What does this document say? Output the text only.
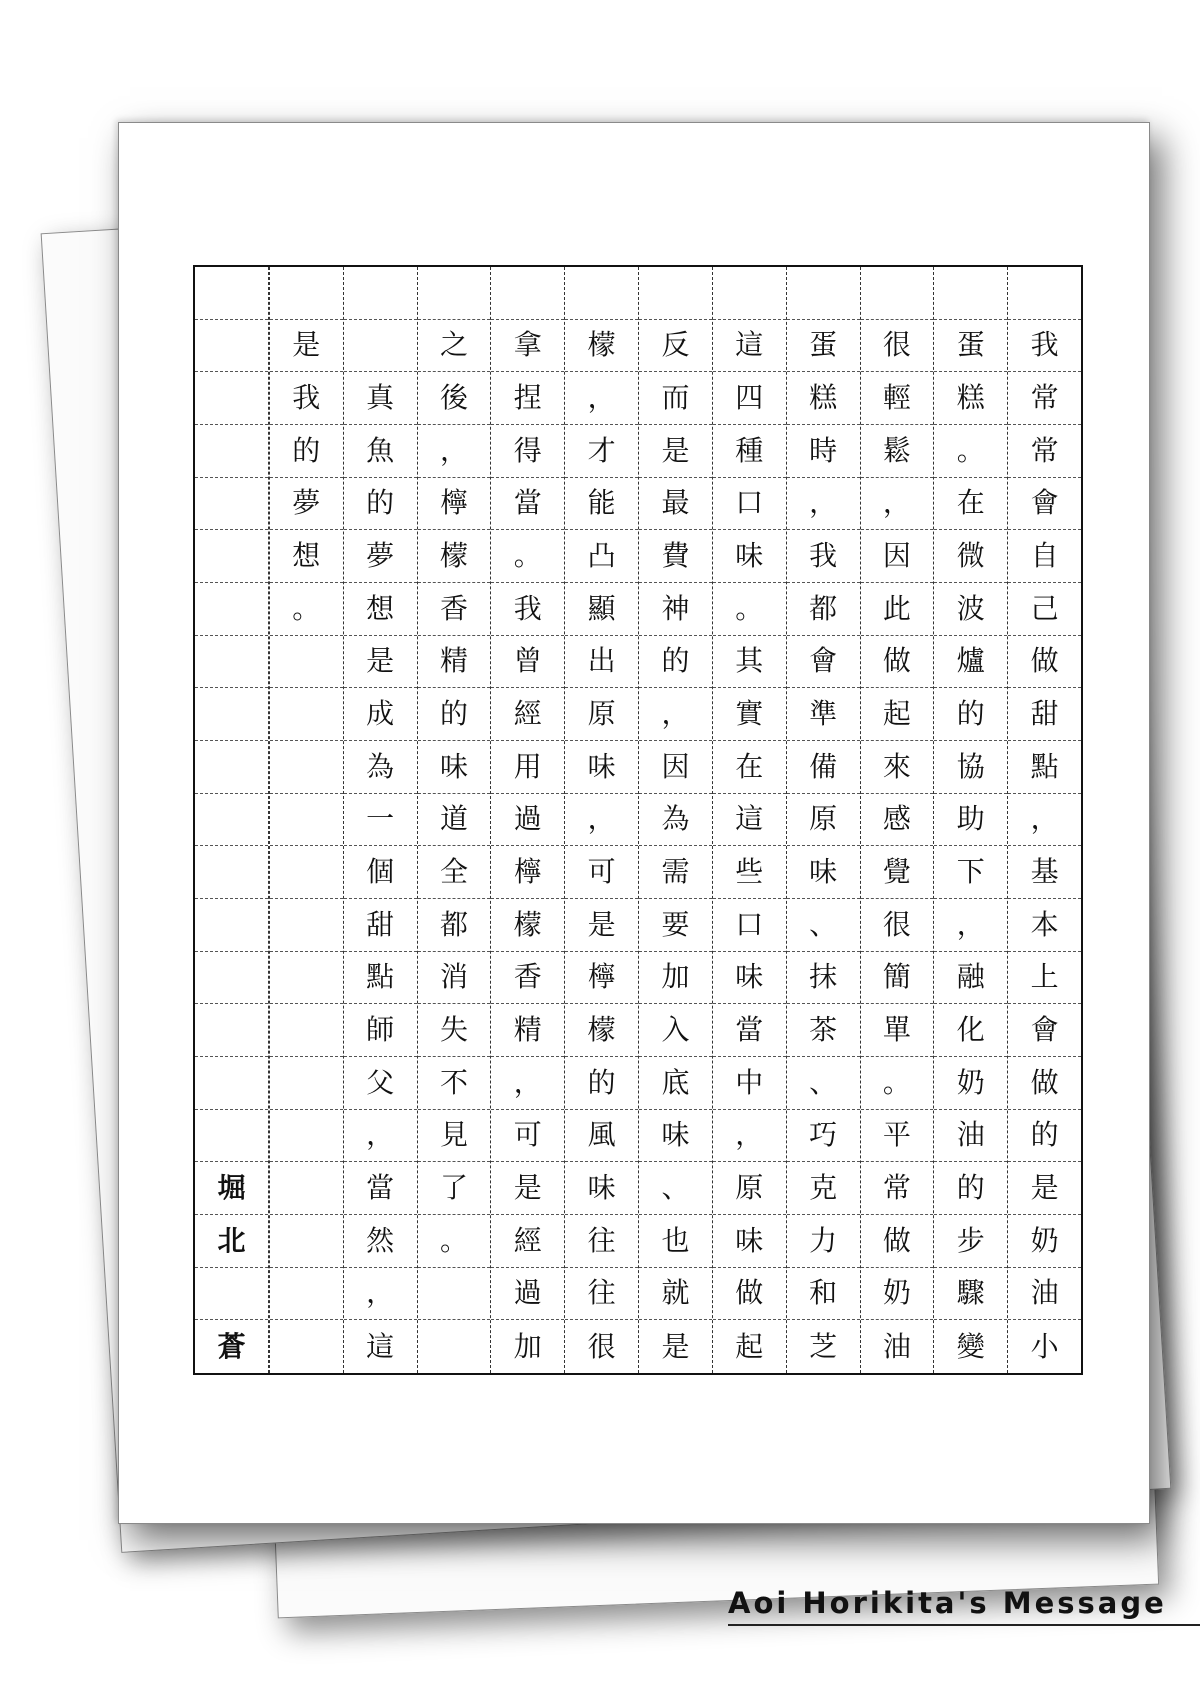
我
常
常
會
自
己
做
甜
點
，
基
本
上
會
做
的
是
奶
油
小
蛋
糕
。
在
微
波
爐
的
協
助
下
，
融
化
奶
油
的
步
驟
變
很
輕
鬆
，
因
此
做
起
來
感
覺
很
簡
單
。
平
常
做
奶
油
蛋
糕
時
，
我
都
會
準
備
原
味
、
抹
茶
、
巧
克
力
和
芝
這
四
種
口
味
。
其
實
在
這
些
口
味
當
中
，
原
味
做
起
反
而
是
最
費
神
的
，
因
為
需
要
加
入
底
味
、
也
就
是
檬
，
才
能
凸
顯
出
原
味
，
可
是
檸
檬
的
風
味
往
往
很
拿
捏
得
當
。
我
曾
經
用
過
檸
檬
香
精
，
可
是
經
過
加
之
後
，
檸
檬
香
精
的
味
道
全
都
消
失
不
見
了
。
真
魚
的
夢
想
是
成
為
一
個
甜
點
師
父
，
當
然
，
這
是
我
的
夢
想
。
堀
北
蒼
Aoi Horikita's Message
